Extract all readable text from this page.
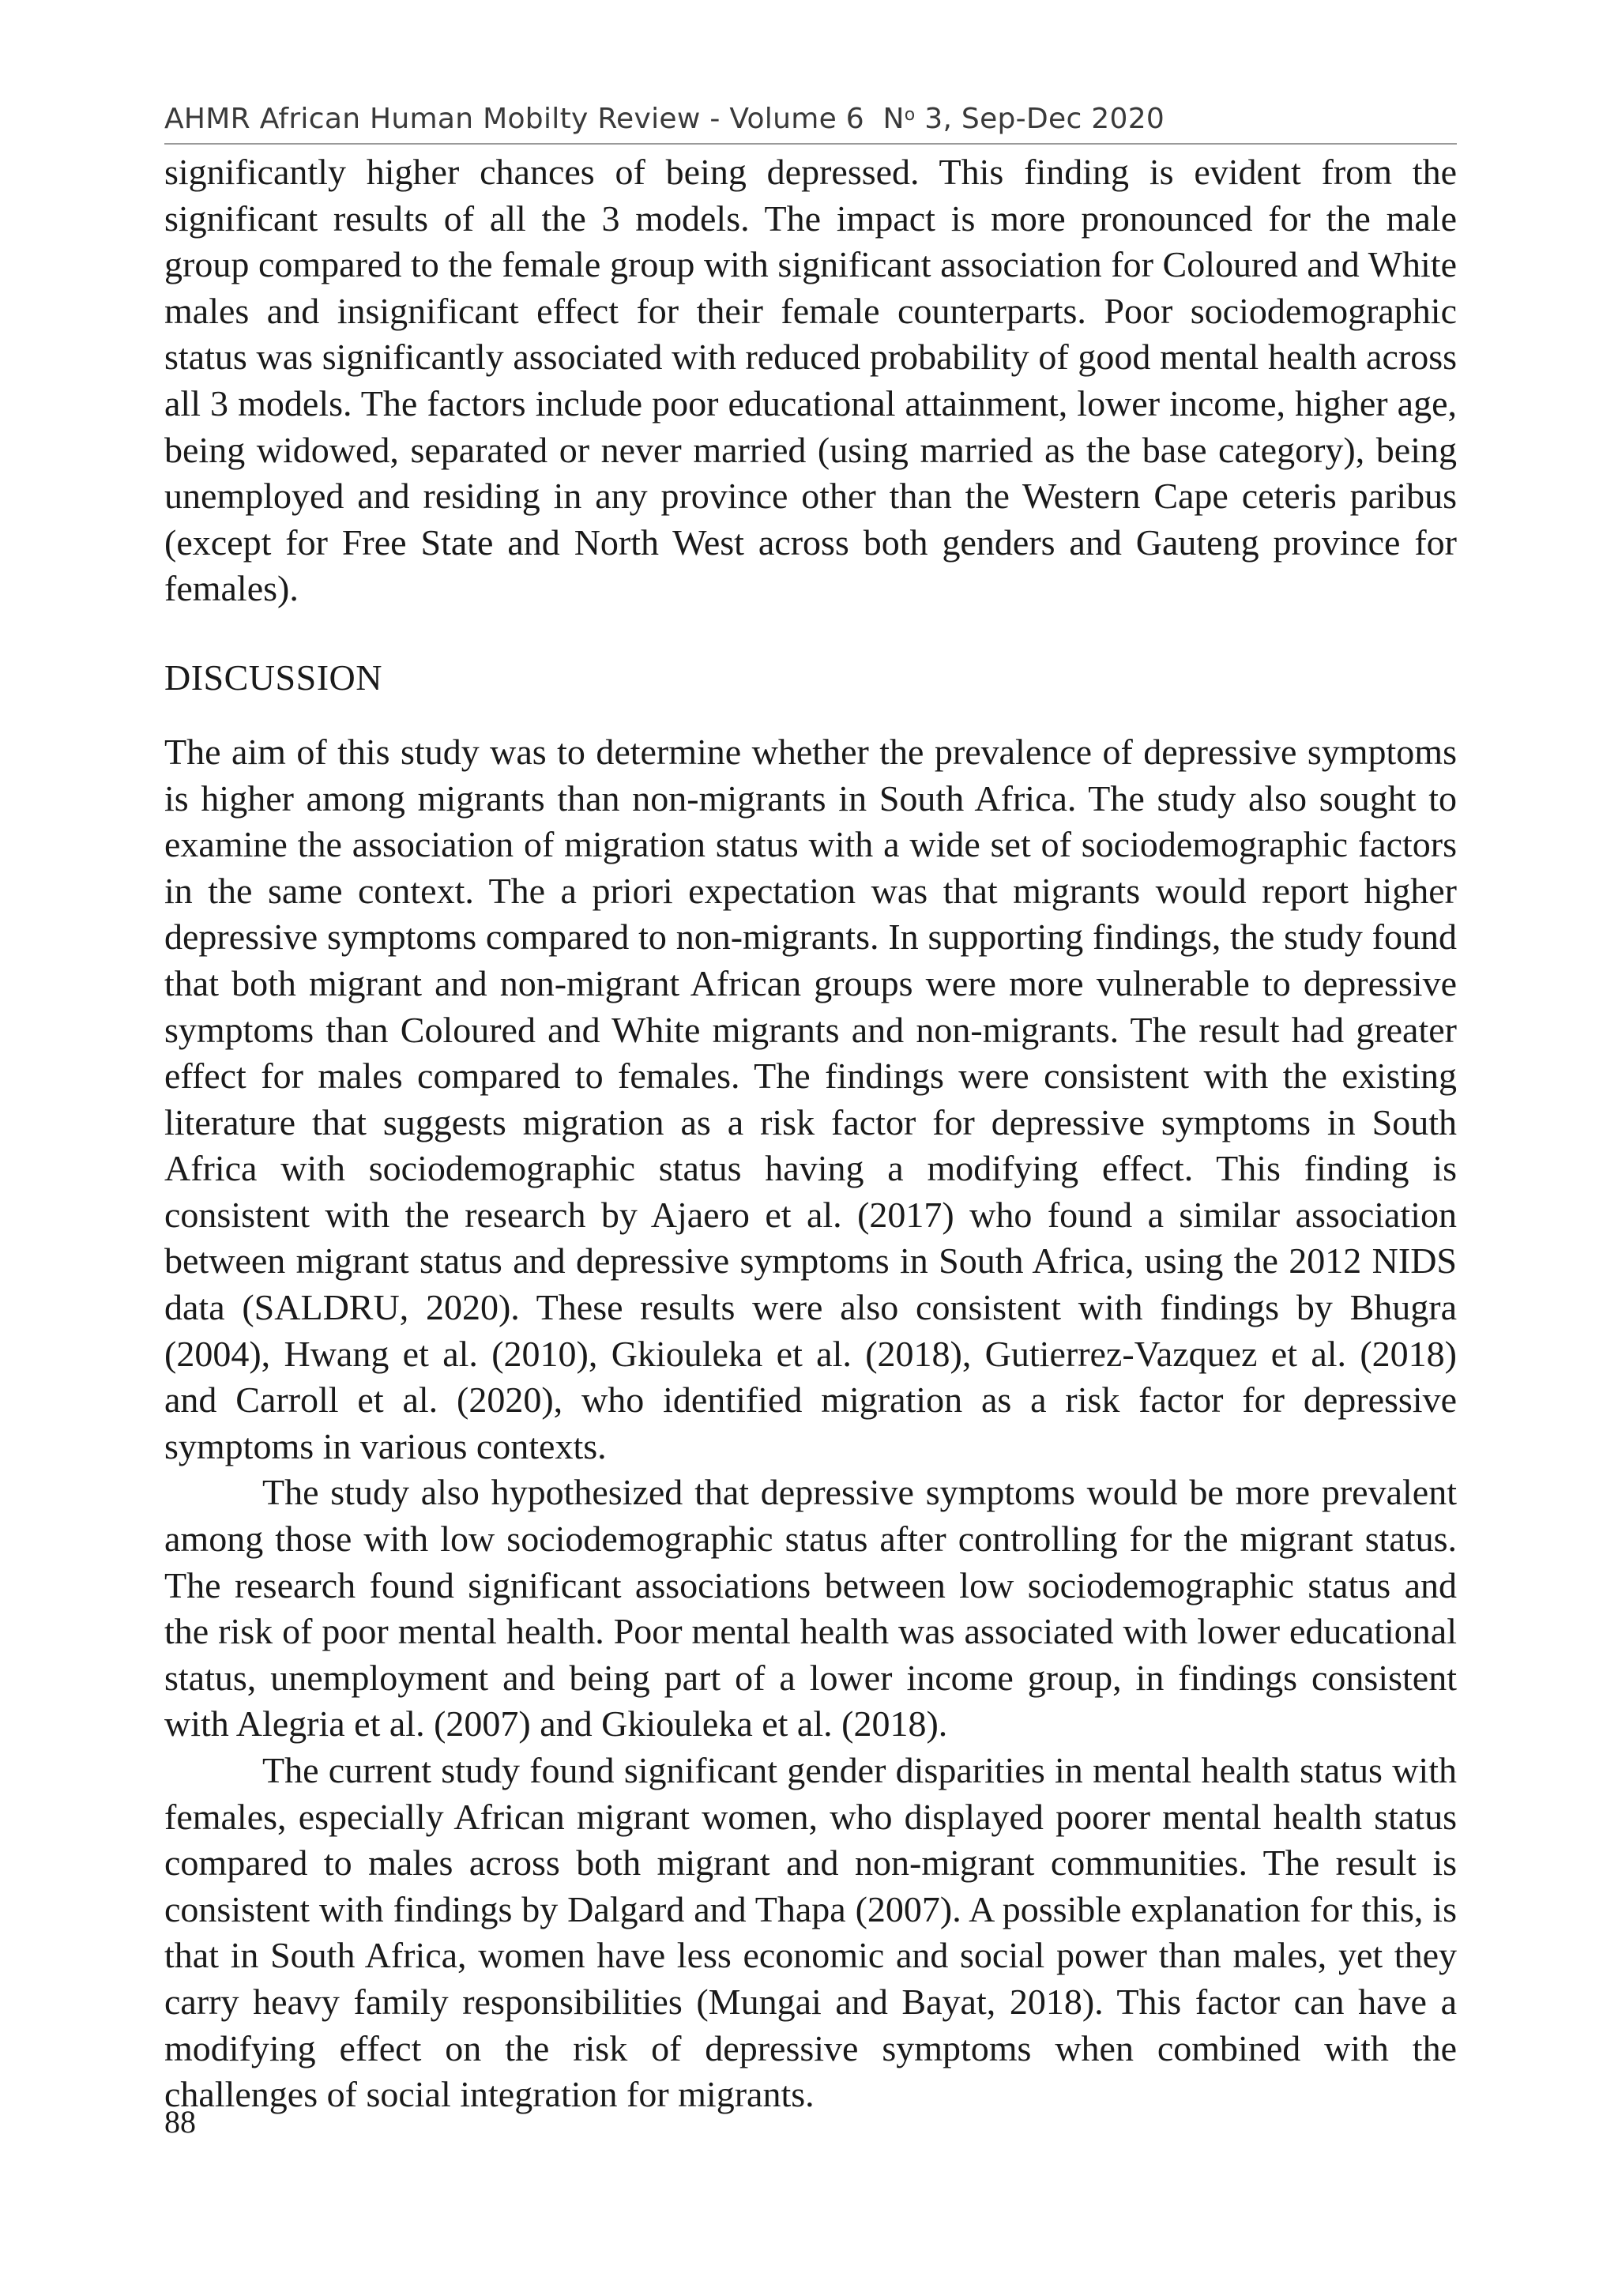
AHMR African Human Mobilty Review - Volume 6 $N^o$ 3, Sep-Dec 2020

significantly higher chances of being depressed. This finding is evident from the significant results of all the 3 models. The impact is more pronounced for the male group compared to the female group with significant association for Coloured and White males and insignificant effect for their female counterparts. Poor sociodemographic status was significantly associated with reduced probability of good mental health across all 3 models. The factors include poor educational attainment, lower income, higher age, being widowed, separated or never married (using married as the base category), being unemployed and residing in any province other than the Western Cape ceteris paribus (except for Free State and North West across both genders and Gauteng province for females).

DISCUSSION

The aim of this study was to determine whether the prevalence of depressive symptoms is higher among migrants than non-migrants in South Africa. The study also sought to examine the association of migration status with a wide set of sociodemographic factors in the same context. The a priori expectation was that migrants would report higher depressive symptoms compared to non-migrants. In supporting findings, the study found that both migrant and non-migrant African groups were more vulnerable to depressive symptoms than Coloured and White migrants and non-migrants. The result had greater effect for males compared to females. The findings were consistent with the existing literature that suggests migration as a risk factor for depressive symptoms in South Africa with sociodemographic status having a modifying effect. This finding is consistent with the research by Ajaero et al. (2017) who found a similar association between migrant status and depressive symptoms in South Africa, using the 2012 NIDS data (SALDRU, 2020). These results were also consistent with findings by Bhugra (2004), Hwang et al. (2010), Gkiouleka et al. (2018), Gutierrez-Vazquez et al. (2018) and Carroll et al. (2020), who identified migration as a risk factor for depressive symptoms in various contexts.

The study also hypothesized that depressive symptoms would be more prevalent among those with low sociodemographic status after controlling for the migrant status. The research found significant associations between low sociodemographic status and the risk of poor mental health. Poor mental health was associated with lower educational status, unemployment and being part of a lower income group, in findings consistent with Alegria et al. (2007) and Gkiouleka et al. (2018).

The current study found significant gender disparities in mental health status with females, especially African migrant women, who displayed poorer mental health status compared to males across both migrant and non-migrant communities. The result is consistent with findings by Dalgard and Thapa (2007). A possible explanation for this, is that in South Africa, women have less economic and social power than males, yet they carry heavy family responsibilities (Mungai and Bayat, 2018). This factor can have a modifying effect on the risk of depressive symptoms when combined with the challenges of social integration for migrants.

88
